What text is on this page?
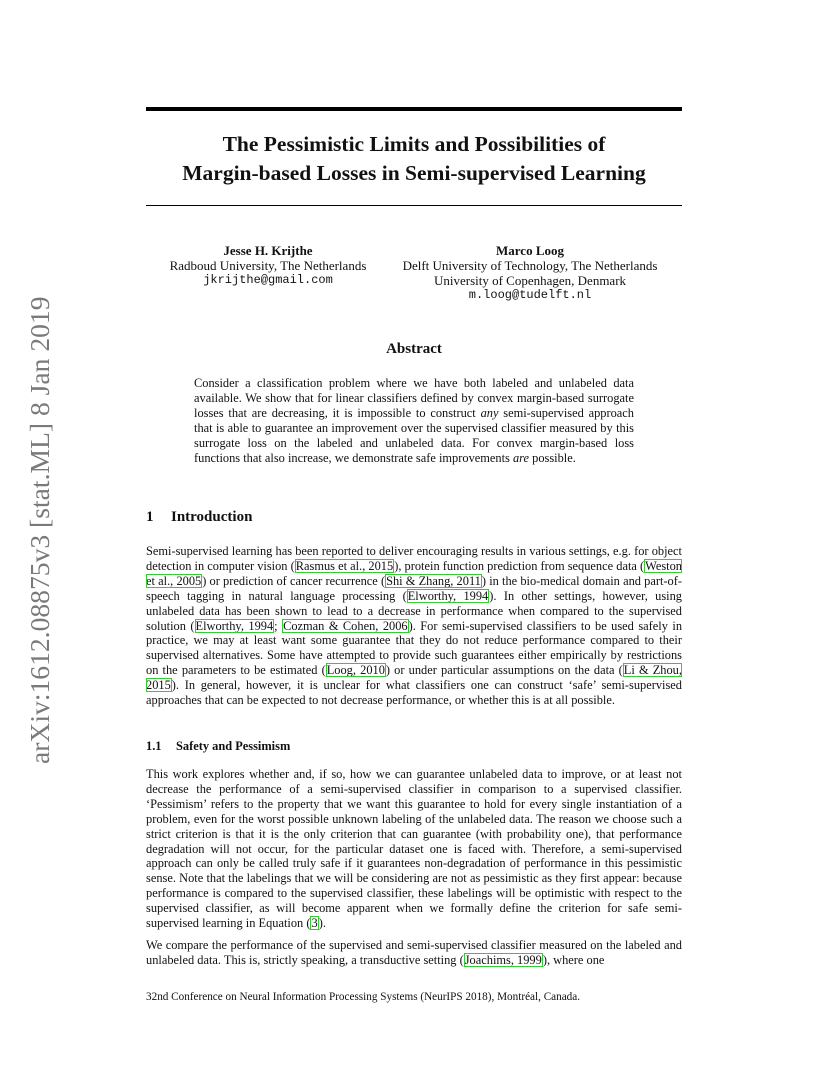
arXiv:1612.08875v3 [stat.ML] 8 Jan 2019
The Pessimistic Limits and Possibilities of
Margin-based Losses in Semi-supervised Learning
Jesse H. Krijthe
Radboud University, The Netherlands
jkrijthe@gmail.com
Marco Loog
Delft University of Technology, The Netherlands
University of Copenhagen, Denmark
m.loog@tudelft.nl
Abstract
Consider a classification problem where we have both labeled and unlabeled data available. We show that for linear classifiers defined by convex margin-based surrogate losses that are decreasing, it is impossible to construct any semi-supervised approach that is able to guarantee an improvement over the supervised classifier measured by this surrogate loss on the labeled and unlabeled data. For convex margin-based loss functions that also increase, we demonstrate safe improvements are possible.
1 Introduction
Semi-supervised learning has been reported to deliver encouraging results in various settings, e.g. for object detection in computer vision (Rasmus et al., 2015), protein function prediction from sequence data (Weston et al., 2005) or prediction of cancer recurrence (Shi & Zhang, 2011) in the bio-medical domain and part-of-speech tagging in natural language processing (Elworthy, 1994). In other settings, however, using unlabeled data has been shown to lead to a decrease in performance when compared to the supervised solution (Elworthy, 1994; Cozman & Cohen, 2006). For semi-supervised classifiers to be used safely in practice, we may at least want some guarantee that they do not reduce performance compared to their supervised alternatives. Some have attempted to provide such guarantees either empirically by restrictions on the parameters to be estimated (Loog, 2010) or under particular assumptions on the data (Li & Zhou, 2015). In general, however, it is unclear for what classifiers one can construct ‘safe’ semi-supervised approaches that can be expected to not decrease performance, or whether this is at all possible.
1.1 Safety and Pessimism
This work explores whether and, if so, how we can guarantee unlabeled data to improve, or at least not decrease the performance of a semi-supervised classifier in comparison to a supervised classifier. ‘Pessimism’ refers to the property that we want this guarantee to hold for every single instantiation of a problem, even for the worst possible unknown labeling of the unlabeled data. The reason we choose such a strict criterion is that it is the only criterion that can guarantee (with probability one), that performance degradation will not occur, for the particular dataset one is faced with. Therefore, a semi-supervised approach can only be called truly safe if it guarantees non-degradation of performance in this pessimistic sense. Note that the labelings that we will be considering are not as pessimistic as they first appear: because performance is compared to the supervised classifier, these labelings will be optimistic with respect to the supervised classifier, as will become apparent when we formally define the criterion for safe semi-supervised learning in Equation (3).
We compare the performance of the supervised and semi-supervised classifier measured on the labeled and unlabeled data. This is, strictly speaking, a transductive setting (Joachims, 1999), where one
32nd Conference on Neural Information Processing Systems (NeurIPS 2018), Montréal, Canada.
